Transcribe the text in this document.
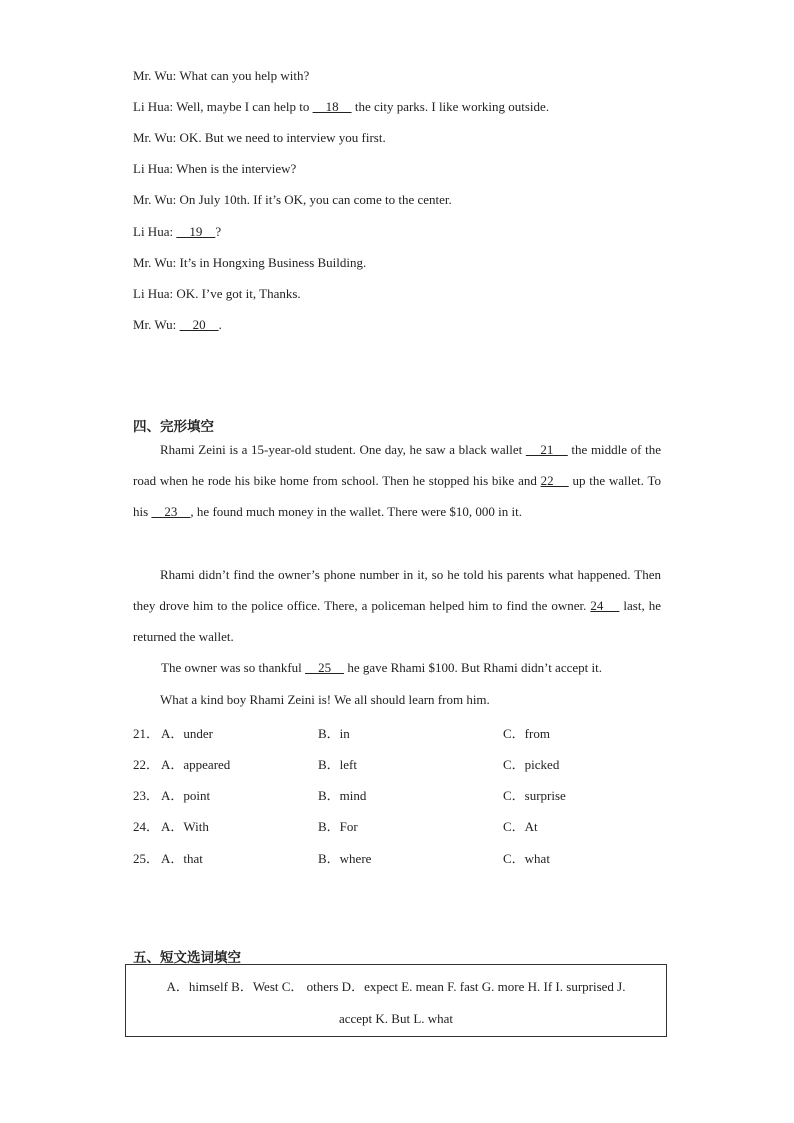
Mr. Wu: What can you help with?
Li Hua: Well, maybe I can help to     18     the city parks. I like working outside.
Mr. Wu: OK. But we need to interview you first.
Li Hua: When is the interview?
Mr. Wu: On July 10th. If it’s OK, you can come to the center.
Li Hua:     19    ?
Mr. Wu: It’s in Hongxing Business Building.
Li Hua: OK. I’ve got it, Thanks.
Mr. Wu:     20    .
四、完形填空
Rhami Zeini is a 15-year-old student. One day, he saw a black wallet     21     the middle of the road when he rode his bike home from school. Then he stopped his bike and 22     up the wallet. To his     23    , he found much money in the wallet. There were $10, 000 in it.
Rhami didn’t find the owner’s phone number in it, so he told his parents what happened. Then they drove him to the police office. There, a policeman helped him to find the owner. 24     last, he returned the wallet.
The owner was so thankful     25     he gave Rhami $100. But Rhami didn’t accept it.
What a kind boy Rhami Zeini is! We all should learn from him.
21． A．under	B．in	C．from
22． A．appeared	B．left	C．picked
23． A．point	B．mind	C．surprise
24． A．With	B．For	C．At
25． A．that	B．where	C．what
五、短文选词填空
A．himself B．West C． others D．expect E. mean F. fast G. more H. If I. surprised J.
accept K. But L. what
